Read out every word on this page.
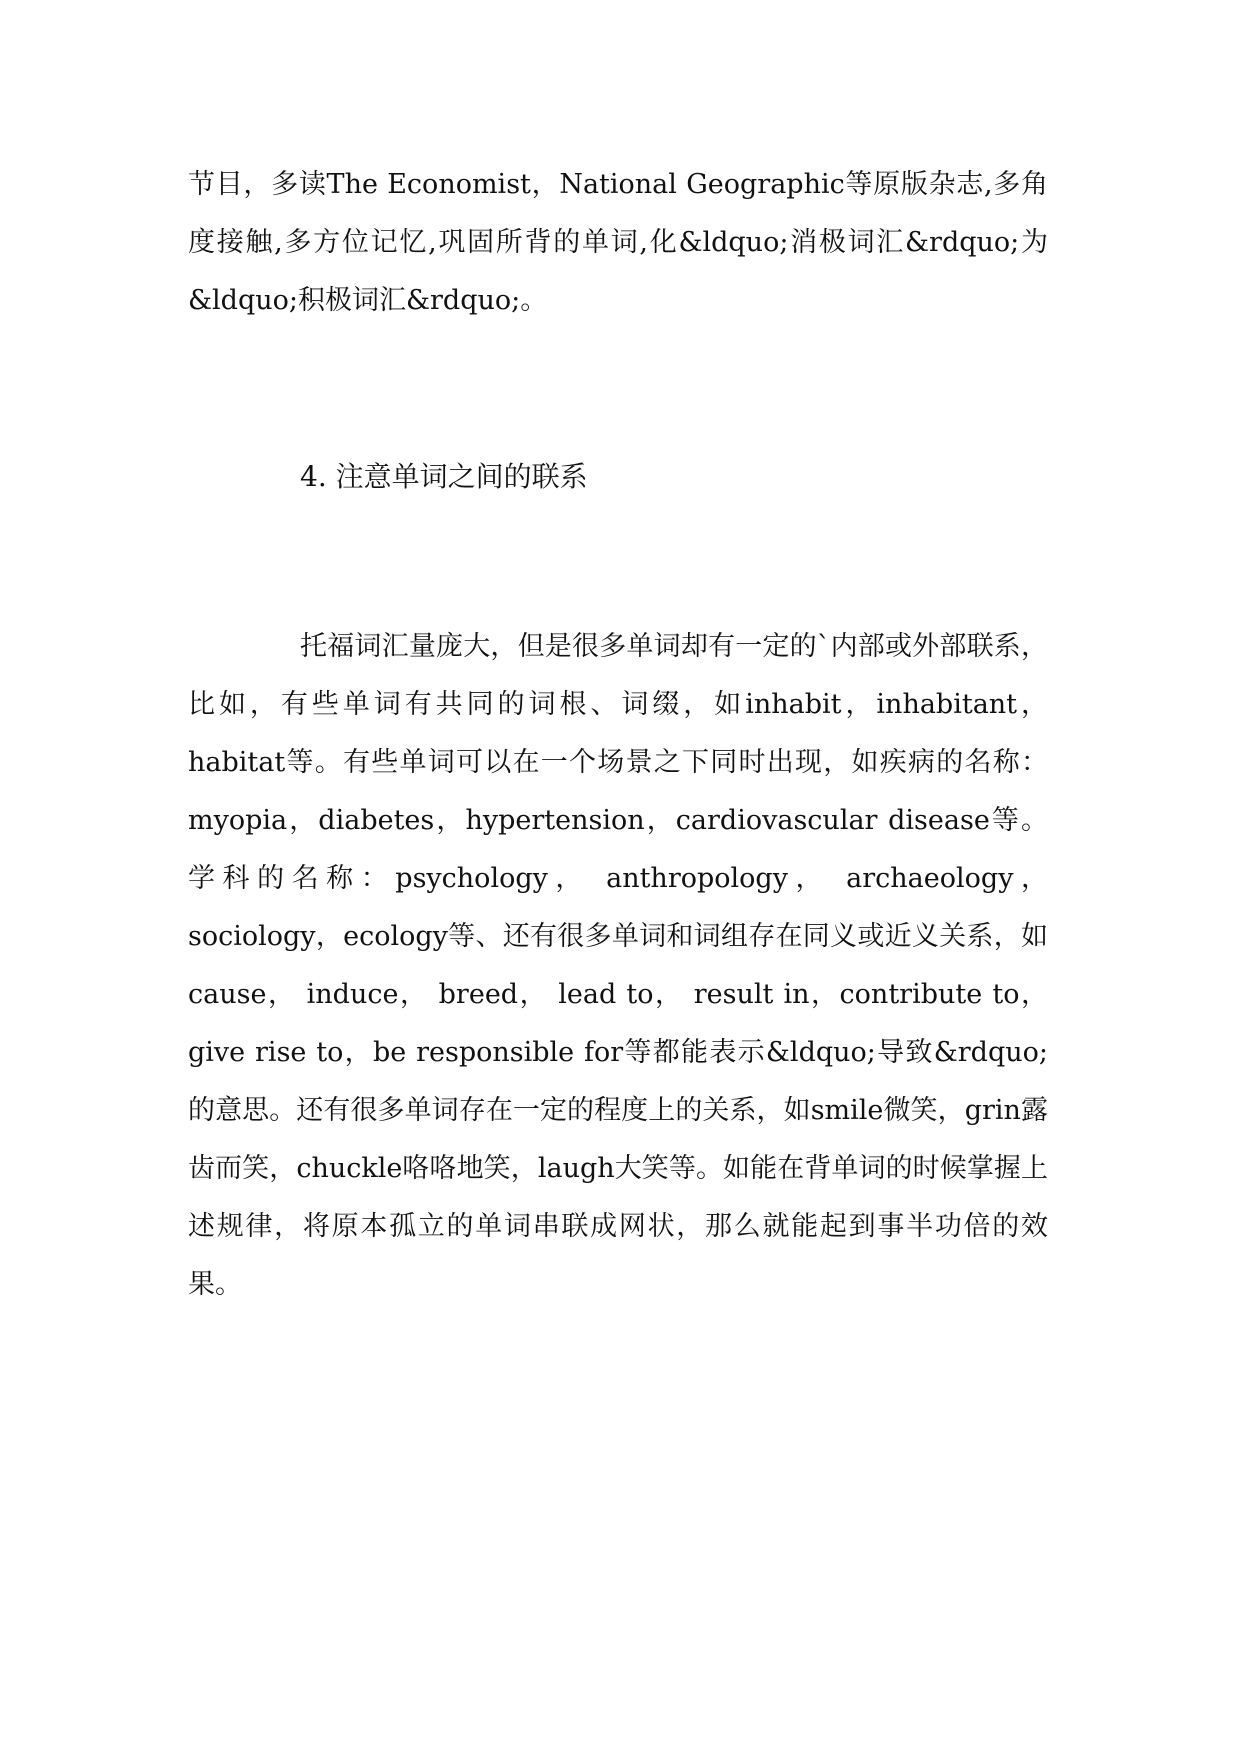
节目，多读The Economist，National Geographic等原版杂志,多角度接触,多方位记忆,巩固所背的单词,化&ldquo;消极词汇&rdquo;为&ldquo;积极词汇&rdquo;。

4. 注意单词之间的联系

托福词汇量庞大，但是很多单词却有一定的`内部或外部联系，比如，有些单词有共同的词根、词缀，如inhabit，inhabitant，habitat等。有些单词可以在一个场景之下同时出现，如疾病的名称：myopia，diabetes，hypertension，cardiovascular disease等。学科的名称：psychology， anthropology， archaeology， sociology，ecology等、还有很多单词和词组存在同义或近义关系，如cause， induce， breed， lead to， result in，contribute to，give rise to，be responsible for等都能表示&ldquo;导致&rdquo;的意思。还有很多单词存在一定的程度上的关系，如smile微笑，grin露齿而笑，chuckle咯咯地笑，laugh大笑等。如能在背单词的时候掌握上述规律，将原本孤立的单词串联成网状，那么就能起到事半功倍的效果。
